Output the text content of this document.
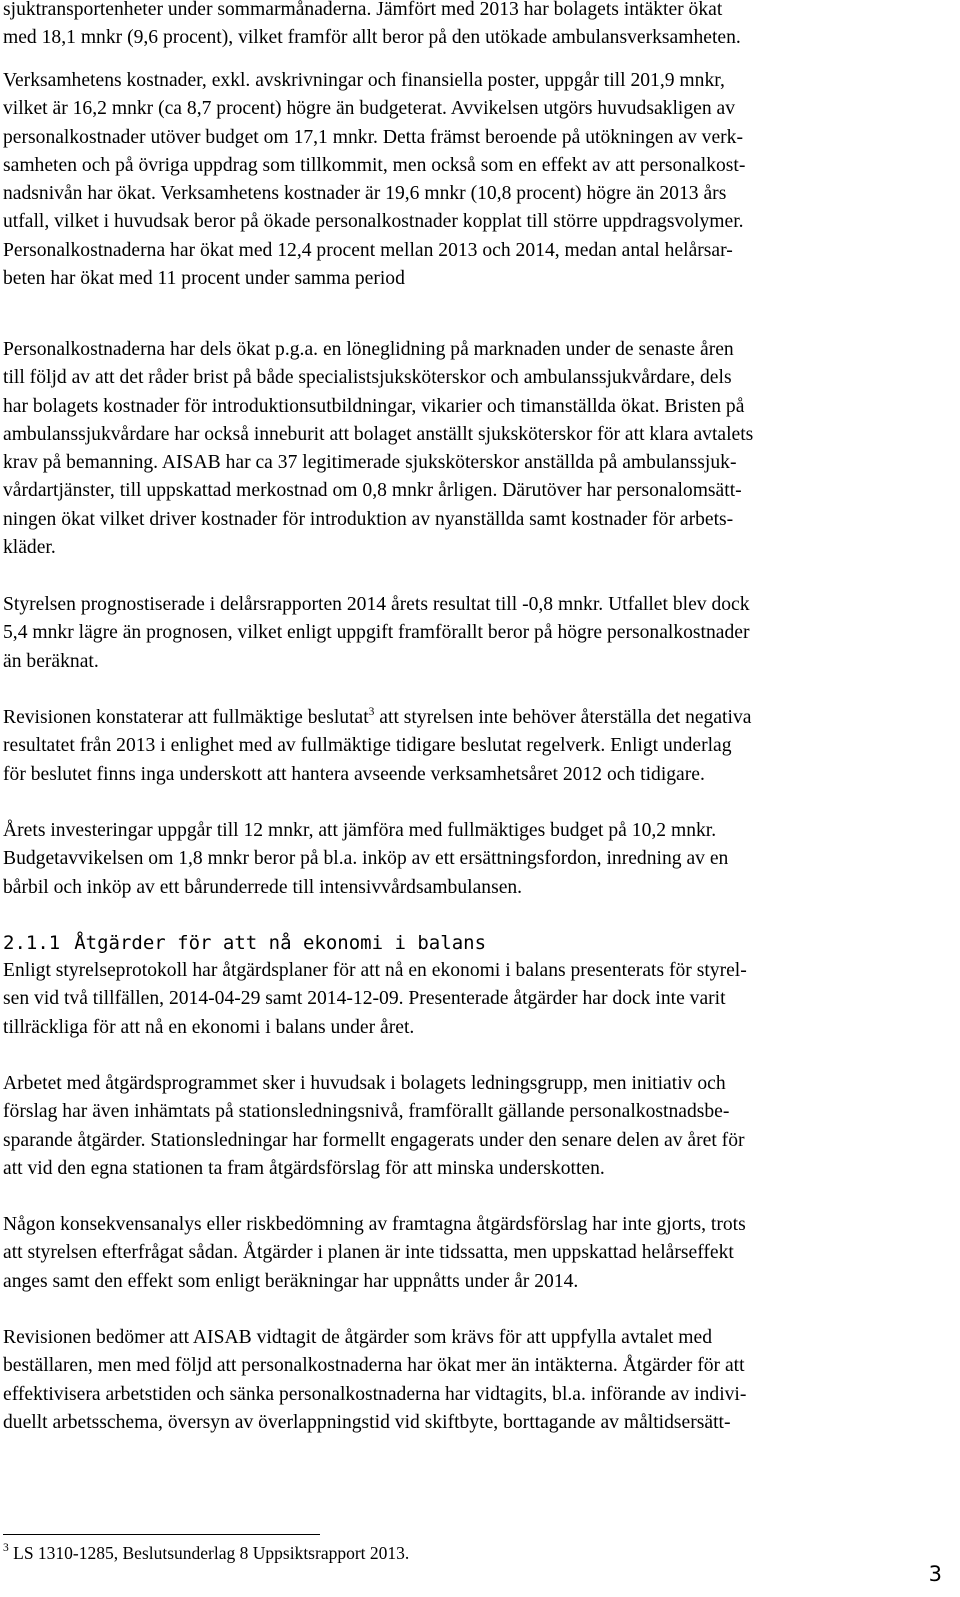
sjuktransportenheter under sommarmånaderna. Jämfört med 2013 har bolagets intäkter ökat
med 18,1 mnkr (9,6 procent), vilket framför allt beror på den utökade ambulansverksamheten.
Verksamhetens kostnader, exkl. avskrivningar och finansiella poster, uppgår till 201,9 mnkr,
vilket är 16,2 mnkr (ca 8,7 procent) högre än budgeterat. Avvikelsen utgörs huvudsakligen av
personalkostnader utöver budget om 17,1 mnkr. Detta främst beroende på utökningen av verk-
samheten och på övriga uppdrag som tillkommit, men också som en effekt av att personalkost-
nadsnivån har ökat. Verksamhetens kostnader är 19,6 mnkr (10,8 procent) högre än 2013 års
utfall, vilket i huvudsak beror på ökade personalkostnader kopplat till större uppdragsvolymer.
Personalkostnaderna har ökat med 12,4 procent mellan 2013 och 2014, medan antal helårsar-
beten har ökat med 11 procent under samma period
Personalkostnaderna har dels ökat p.g.a. en löneglidning på marknaden under de senaste åren
till följd av att det råder brist på både specialistsjuksköterskor och ambulanssjukvårdare, dels
har bolagets kostnader för introduktionsutbildningar, vikarier och timanställda ökat. Bristen på
ambulanssjukvårdare har också inneburit att bolaget anställt sjuksköterskor för att klara avtalets
krav på bemanning. AISAB har ca 37 legitimerade sjuksköterskor anställda på ambulanssjuk-
vårdartjänster, till uppskattad merkostnad om 0,8 mnkr årligen. Därutöver har personalomsätt-
ningen ökat vilket driver kostnader för introduktion av nyanställda samt kostnader för arbets-
kläder.
Styrelsen prognostiserade i delårsrapporten 2014 årets resultat till -0,8 mnkr. Utfallet blev dock
5,4 mnkr lägre än prognosen, vilket enligt uppgift framförallt beror på högre personalkostnader
än beräknat.
Revisionen konstaterar att fullmäktige beslutat$^3$ att styrelsen inte behöver återställa det negativa
resultatet från 2013 i enlighet med av fullmäktige tidigare beslutat regelverk. Enligt underlag
för beslutet finns inga underskott att hantera avseende verksamhetsåret 2012 och tidigare.
Årets investeringar uppgår till 12 mnkr, att jämföra med fullmäktiges budget på 10,2 mnkr.
Budgetavvikelsen om 1,8 mnkr beror på bl.a. inköp av ett ersättningsfordon, inredning av en
bårbil och inköp av ett bårunderrede till intensivvårdsambulansen.
2.1.1 Åtgärder för att nå ekonomi i balans
Enligt styrelseprotokoll har åtgärdsplaner för att nå en ekonomi i balans presenterats för styrel-
sen vid två tillfällen, 2014-04-29 samt 2014-12-09. Presenterade åtgärder har dock inte varit
tillräckliga för att nå en ekonomi i balans under året.
Arbetet med åtgärdsprogrammet sker i huvudsak i bolagets ledningsgrupp, men initiativ och
förslag har även inhämtats på stationsledningsnivå, framförallt gällande personalkostnadsbe-
sparande åtgärder. Stationsledningar har formellt engagerats under den senare delen av året för
att vid den egna stationen ta fram åtgärdsförslag för att minska underskotten.
Någon konsekvensanalys eller riskbedömning av framtagna åtgärdsförslag har inte gjorts, trots
att styrelsen efterfrågat sådan. Åtgärder i planen är inte tidssatta, men uppskattad helårseffekt
anges samt den effekt som enligt beräkningar har uppnåtts under år 2014.
Revisionen bedömer att AISAB vidtagit de åtgärder som krävs för att uppfylla avtalet med
beställaren, men med följd att personalkostnaderna har ökat mer än intäkterna. Åtgärder för att
effektivisera arbetstiden och sänka personalkostnaderna har vidtagits, bl.a. införande av indivi-
duellt arbetsschema, översyn av överlappningstid vid skiftbyte, borttagande av måltidsersätt-
$^3$ LS 1310-1285, Beslutsunderlag 8 Uppsiktsrapport 2013.
3
